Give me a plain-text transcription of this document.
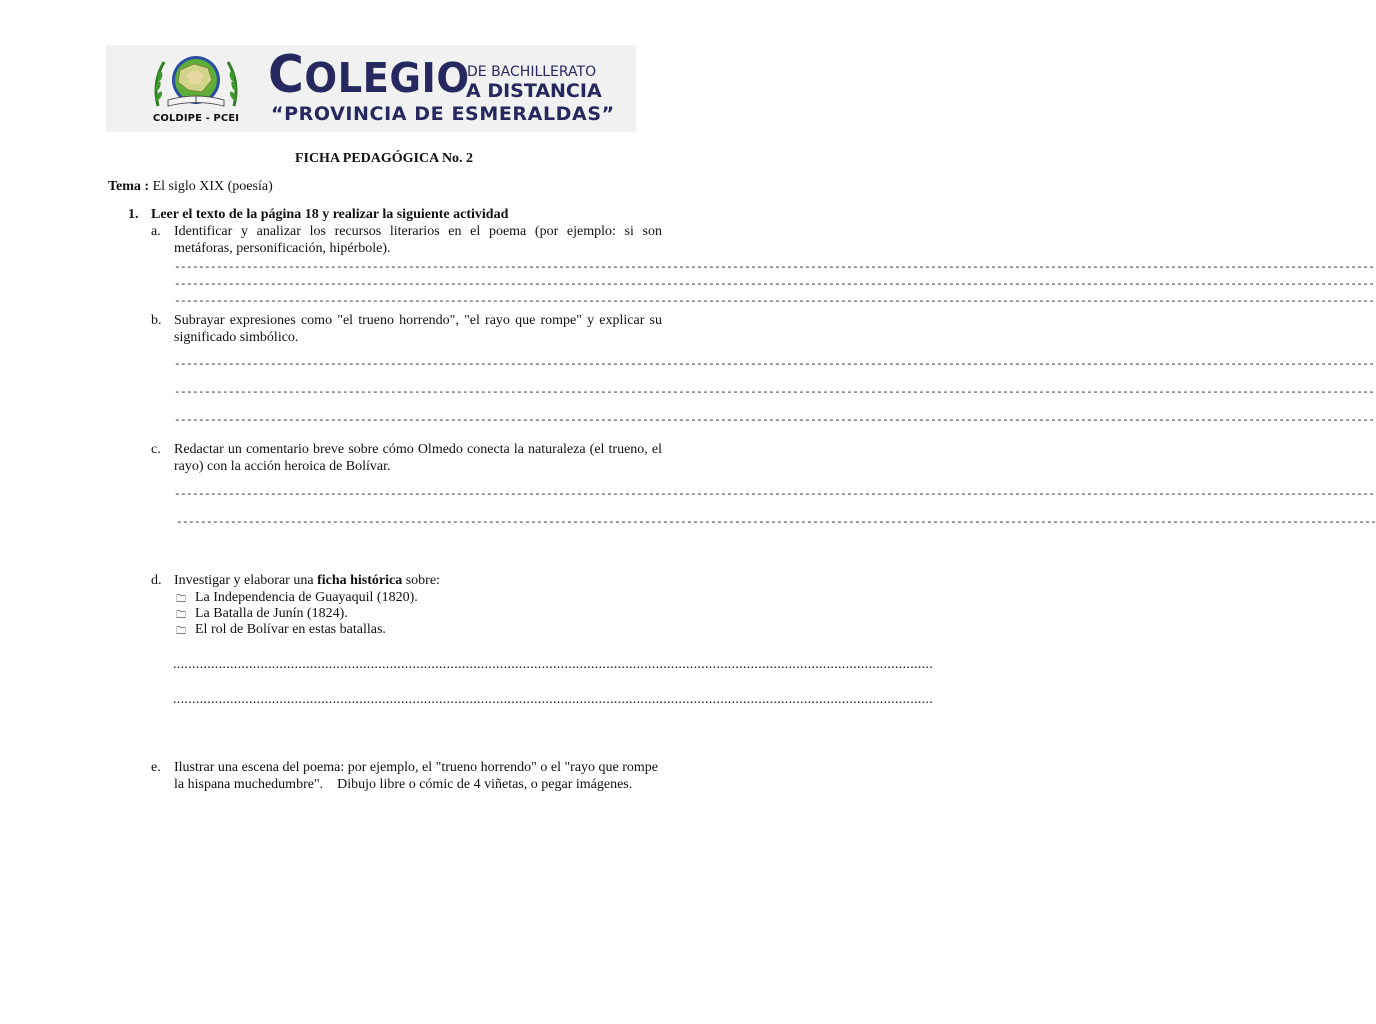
COLDIPE - PCEI
COLEGIO
DE BACHILLERATO
A DISTANCIA
“PROVINCIA DE ESMERALDAS”
FICHA PEDAGÓGICA No. 2
Tema : El siglo XIX (poesía)
1. Leer el texto de la página 18 y realizar la siguiente actividad
a. Identificar y analizar los recursos literarios en el poema (por ejemplo: si son metáforas, personificación, hipérbole).
--------------------------------------------------------------------------------------------------------------------------------------------------------------------------------------------------------
--------------------------------------------------------------------------------------------------------------------------------------------------------------------------------------------------------
--------------------------------------------------------------------------------------------------------------------------------------------------------------------------------------------------------
b. Subrayar expresiones como "el trueno horrendo", "el rayo que rompe" y explicar su significado simbólico.
--------------------------------------------------------------------------------------------------------------------------------------------------------------------------------------------------------
--------------------------------------------------------------------------------------------------------------------------------------------------------------------------------------------------------
--------------------------------------------------------------------------------------------------------------------------------------------------------------------------------------------------------
c. Redactar un comentario breve sobre cómo Olmedo conecta la naturaleza (el trueno, el rayo) con la acción heroica de Bolívar.
--------------------------------------------------------------------------------------------------------------------------------------------------------------------------------------------------------
--------------------------------------------------------------------------------------------------------------------------------------------------------------------------------------------------------
d. Investigar y elaborar una ficha histórica sobre:
🗀 La Independencia de Guayaquil (1820).
🗀 La Batalla de Junín (1824).
🗀 El rol de Bolívar en estas batallas.
........................................................................................................................................................................................................
........................................................................................................................................................................................................
e. Ilustrar una escena del poema: por ejemplo, el "trueno horrendo" o el "rayo que rompe la hispana muchedumbre".    Dibujo libre o cómic de 4 viñetas, o pegar imágenes.
